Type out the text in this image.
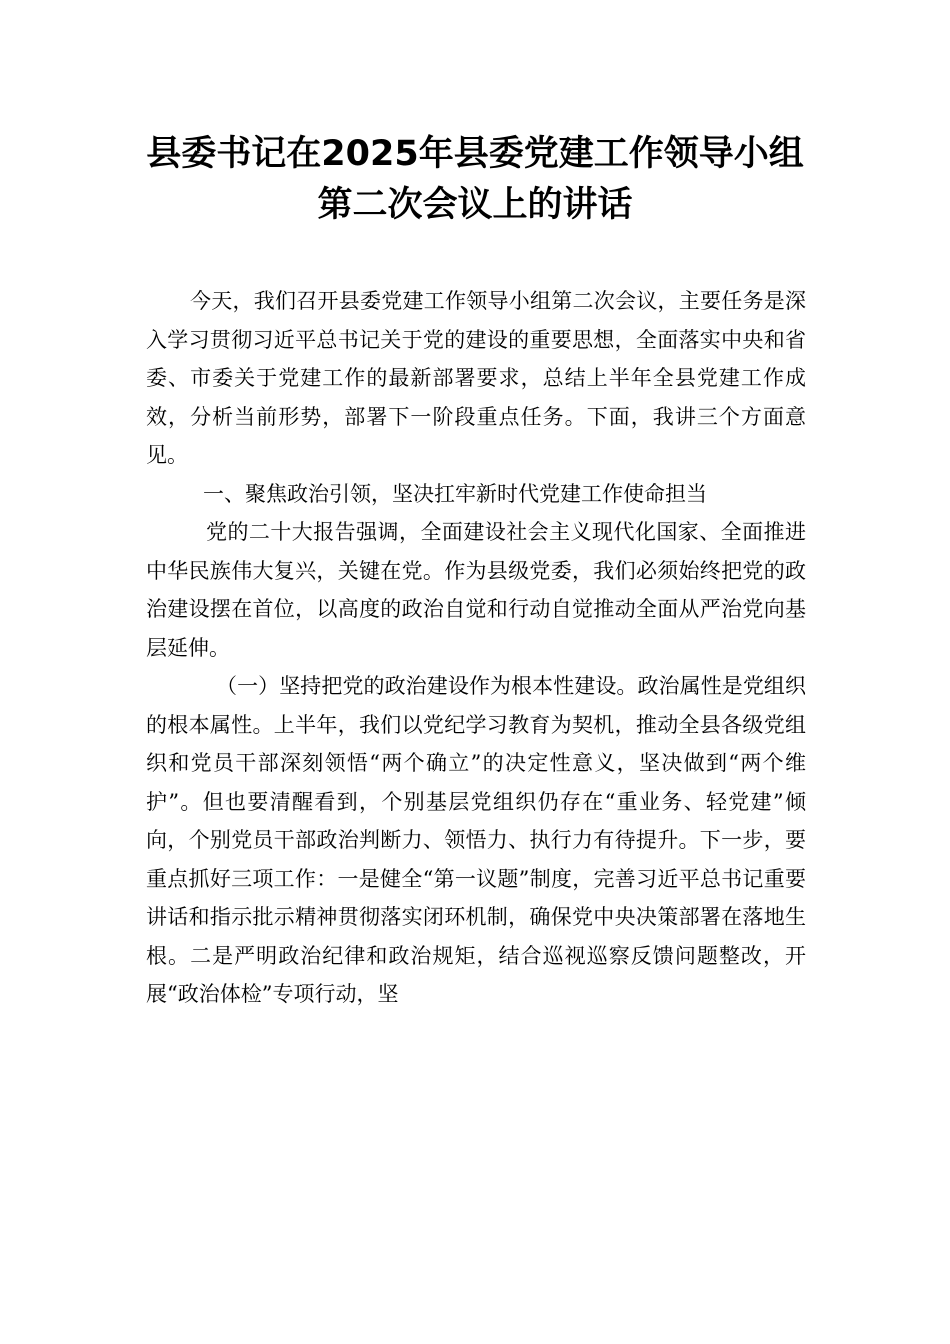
县委书记在2025年县委党建工作领导小组
第二次会议上的讲话

今天，我们召开县委党建工作领导小组第二次会议，主要任务是深入学习贯彻习近平总书记关于党的建设的重要思想，全面落实中央和省委、市委关于党建工作的最新部署要求，总结上半年全县党建工作成效，分析当前形势，部署下一阶段重点任务。下面，我讲三个方面意见。

一、聚焦政治引领，坚决扛牢新时代党建工作使命担当

党的二十大报告强调，全面建设社会主义现代化国家、全面推进中华民族伟大复兴，关键在党。作为县级党委，我们必须始终把党的政治建设摆在首位，以高度的政治自觉和行动自觉推动全面从严治党向基层延伸。

（一）坚持把党的政治建设作为根本性建设。政治属性是党组织的根本属性。上半年，我们以党纪学习教育为契机，推动全县各级党组织和党员干部深刻领悟“两个确立”的决定性意义，坚决做到“两个维护”。但也要清醒看到，个别基层党组织仍存在“重业务、轻党建”倾向，个别党员干部政治判断力、领悟力、执行力有待提升。下一步，要重点抓好三项工作：一是健全“第一议题”制度，完善习近平总书记重要讲话和指示批示精神贯彻落实闭环机制，确保党中央决策部署在落地生根。二是严明政治纪律和政治规矩，结合巡视巡察反馈问题整改，开展“政治体检”专项行动，坚
